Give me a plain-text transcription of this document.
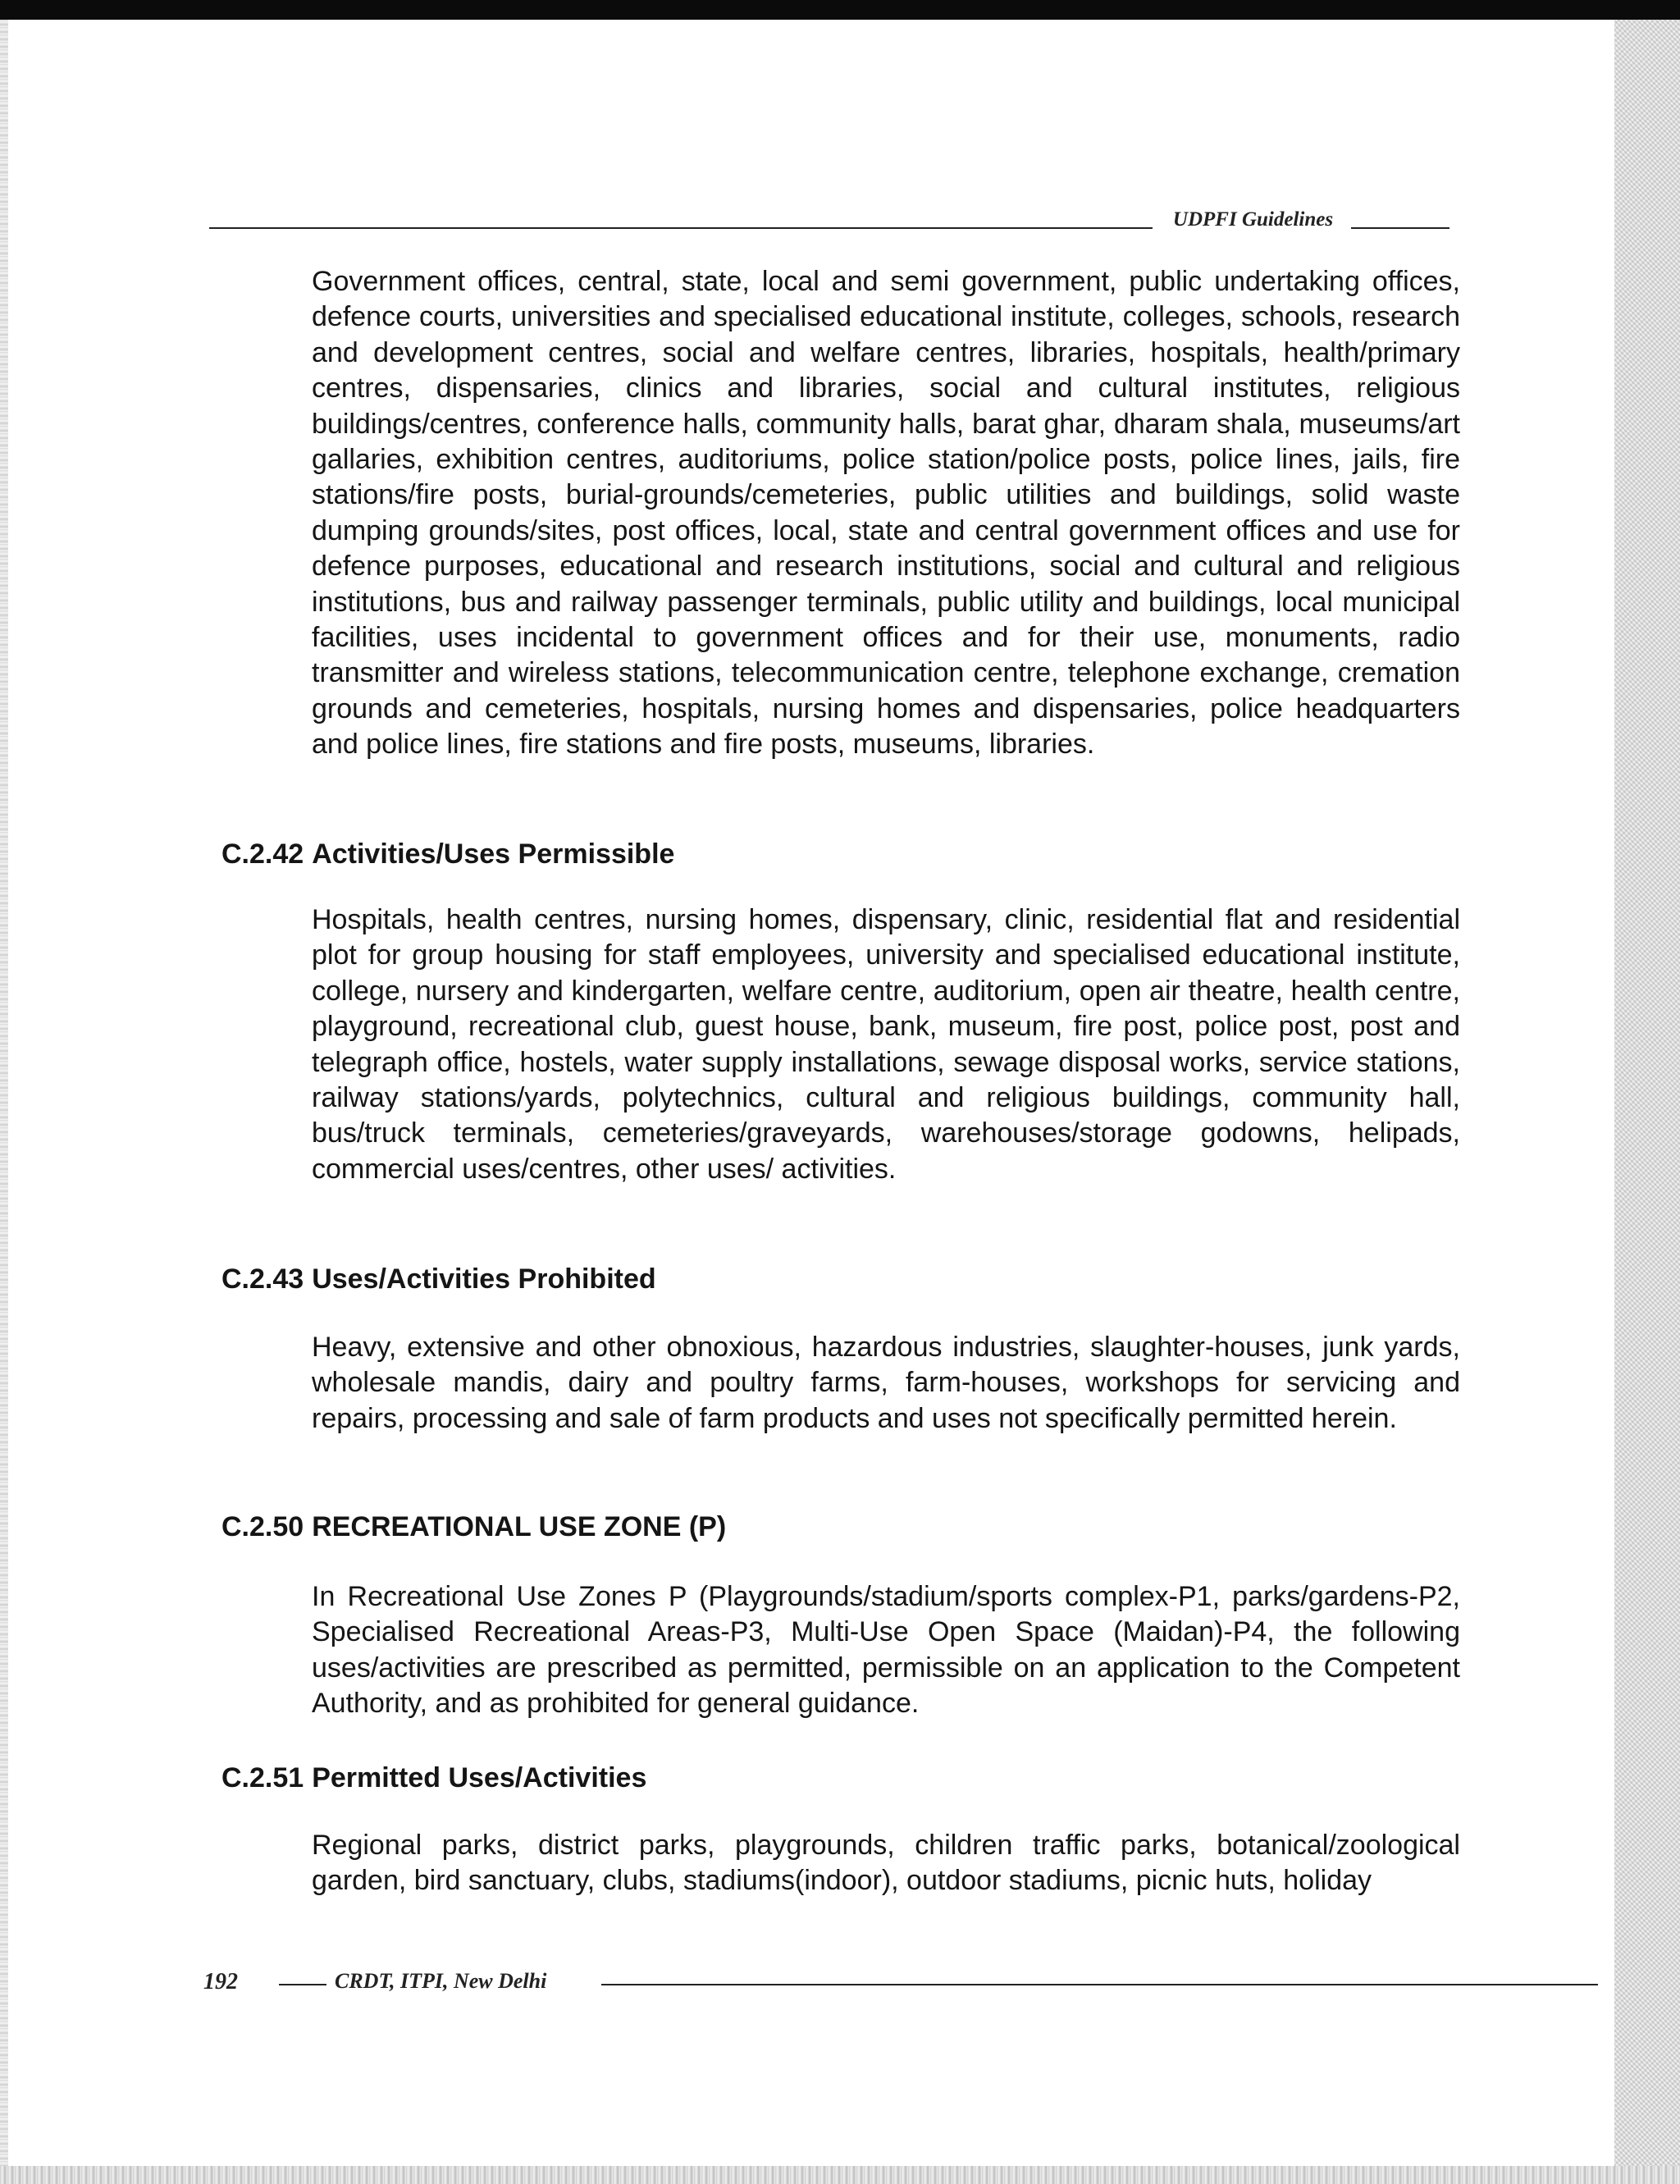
UDPFI Guidelines
Government offices, central, state, local and semi government, public undertaking offices, defence courts, universities and specialised educational institute, colleges, schools, research and development centres, social and welfare centres, libraries, hospitals, health/primary centres, dispensaries, clinics and libraries, social and cultural institutes, religious buildings/centres, conference halls, community halls, barat ghar, dharam shala, museums/art gallaries, exhibition centres, auditoriums, police station/police posts, police lines, jails, fire stations/fire posts, burial-grounds/cemeteries, public utilities and buildings, solid waste dumping grounds/sites, post offices, local, state and central government offices and use for defence purposes, educational and research institutions, social and cultural and religious institutions, bus and railway passenger terminals, public utility and buildings, local municipal facilities, uses incidental to government offices and for their use, monuments, radio transmitter and wireless stations, telecommunication centre, telephone exchange, cremation grounds and cemeteries, hospitals, nursing homes and dispensaries, police headquarters and police lines, fire stations and fire posts, museums, libraries.
C.2.42 Activities/Uses Permissible
Hospitals, health centres, nursing homes, dispensary, clinic, residential flat and residential plot for group housing for staff employees, university and specialised educational institute, college, nursery and kindergarten, welfare centre, auditorium, open air theatre, health centre, playground, recreational club, guest house, bank, museum, fire post, police post, post and telegraph office, hostels, water supply installations, sewage disposal works, service stations, railway stations/yards, polytechnics, cultural and religious buildings, community hall, bus/truck terminals, cemeteries/graveyards, warehouses/storage godowns, helipads, commercial uses/centres, other uses/ activities.
C.2.43 Uses/Activities Prohibited
Heavy, extensive and other obnoxious, hazardous industries, slaughter-houses, junk yards, wholesale mandis, dairy and poultry farms, farm-houses, workshops for servicing and repairs, processing and sale of farm products and uses not specifically permitted herein.
C.2.50 RECREATIONAL USE ZONE (P)
In Recreational Use Zones P (Playgrounds/stadium/sports complex-P1, parks/gardens-P2, Specialised Recreational Areas-P3, Multi-Use Open Space (Maidan)-P4, the following uses/activities are prescribed as permitted, permissible on an application to the Competent Authority, and as prohibited for general guidance.
C.2.51 Permitted Uses/Activities
Regional parks, district parks, playgrounds, children traffic parks, botanical/zoological garden, bird sanctuary, clubs, stadiums(indoor), outdoor stadiums, picnic huts, holiday
192	CRDT, ITPI, New Delhi
